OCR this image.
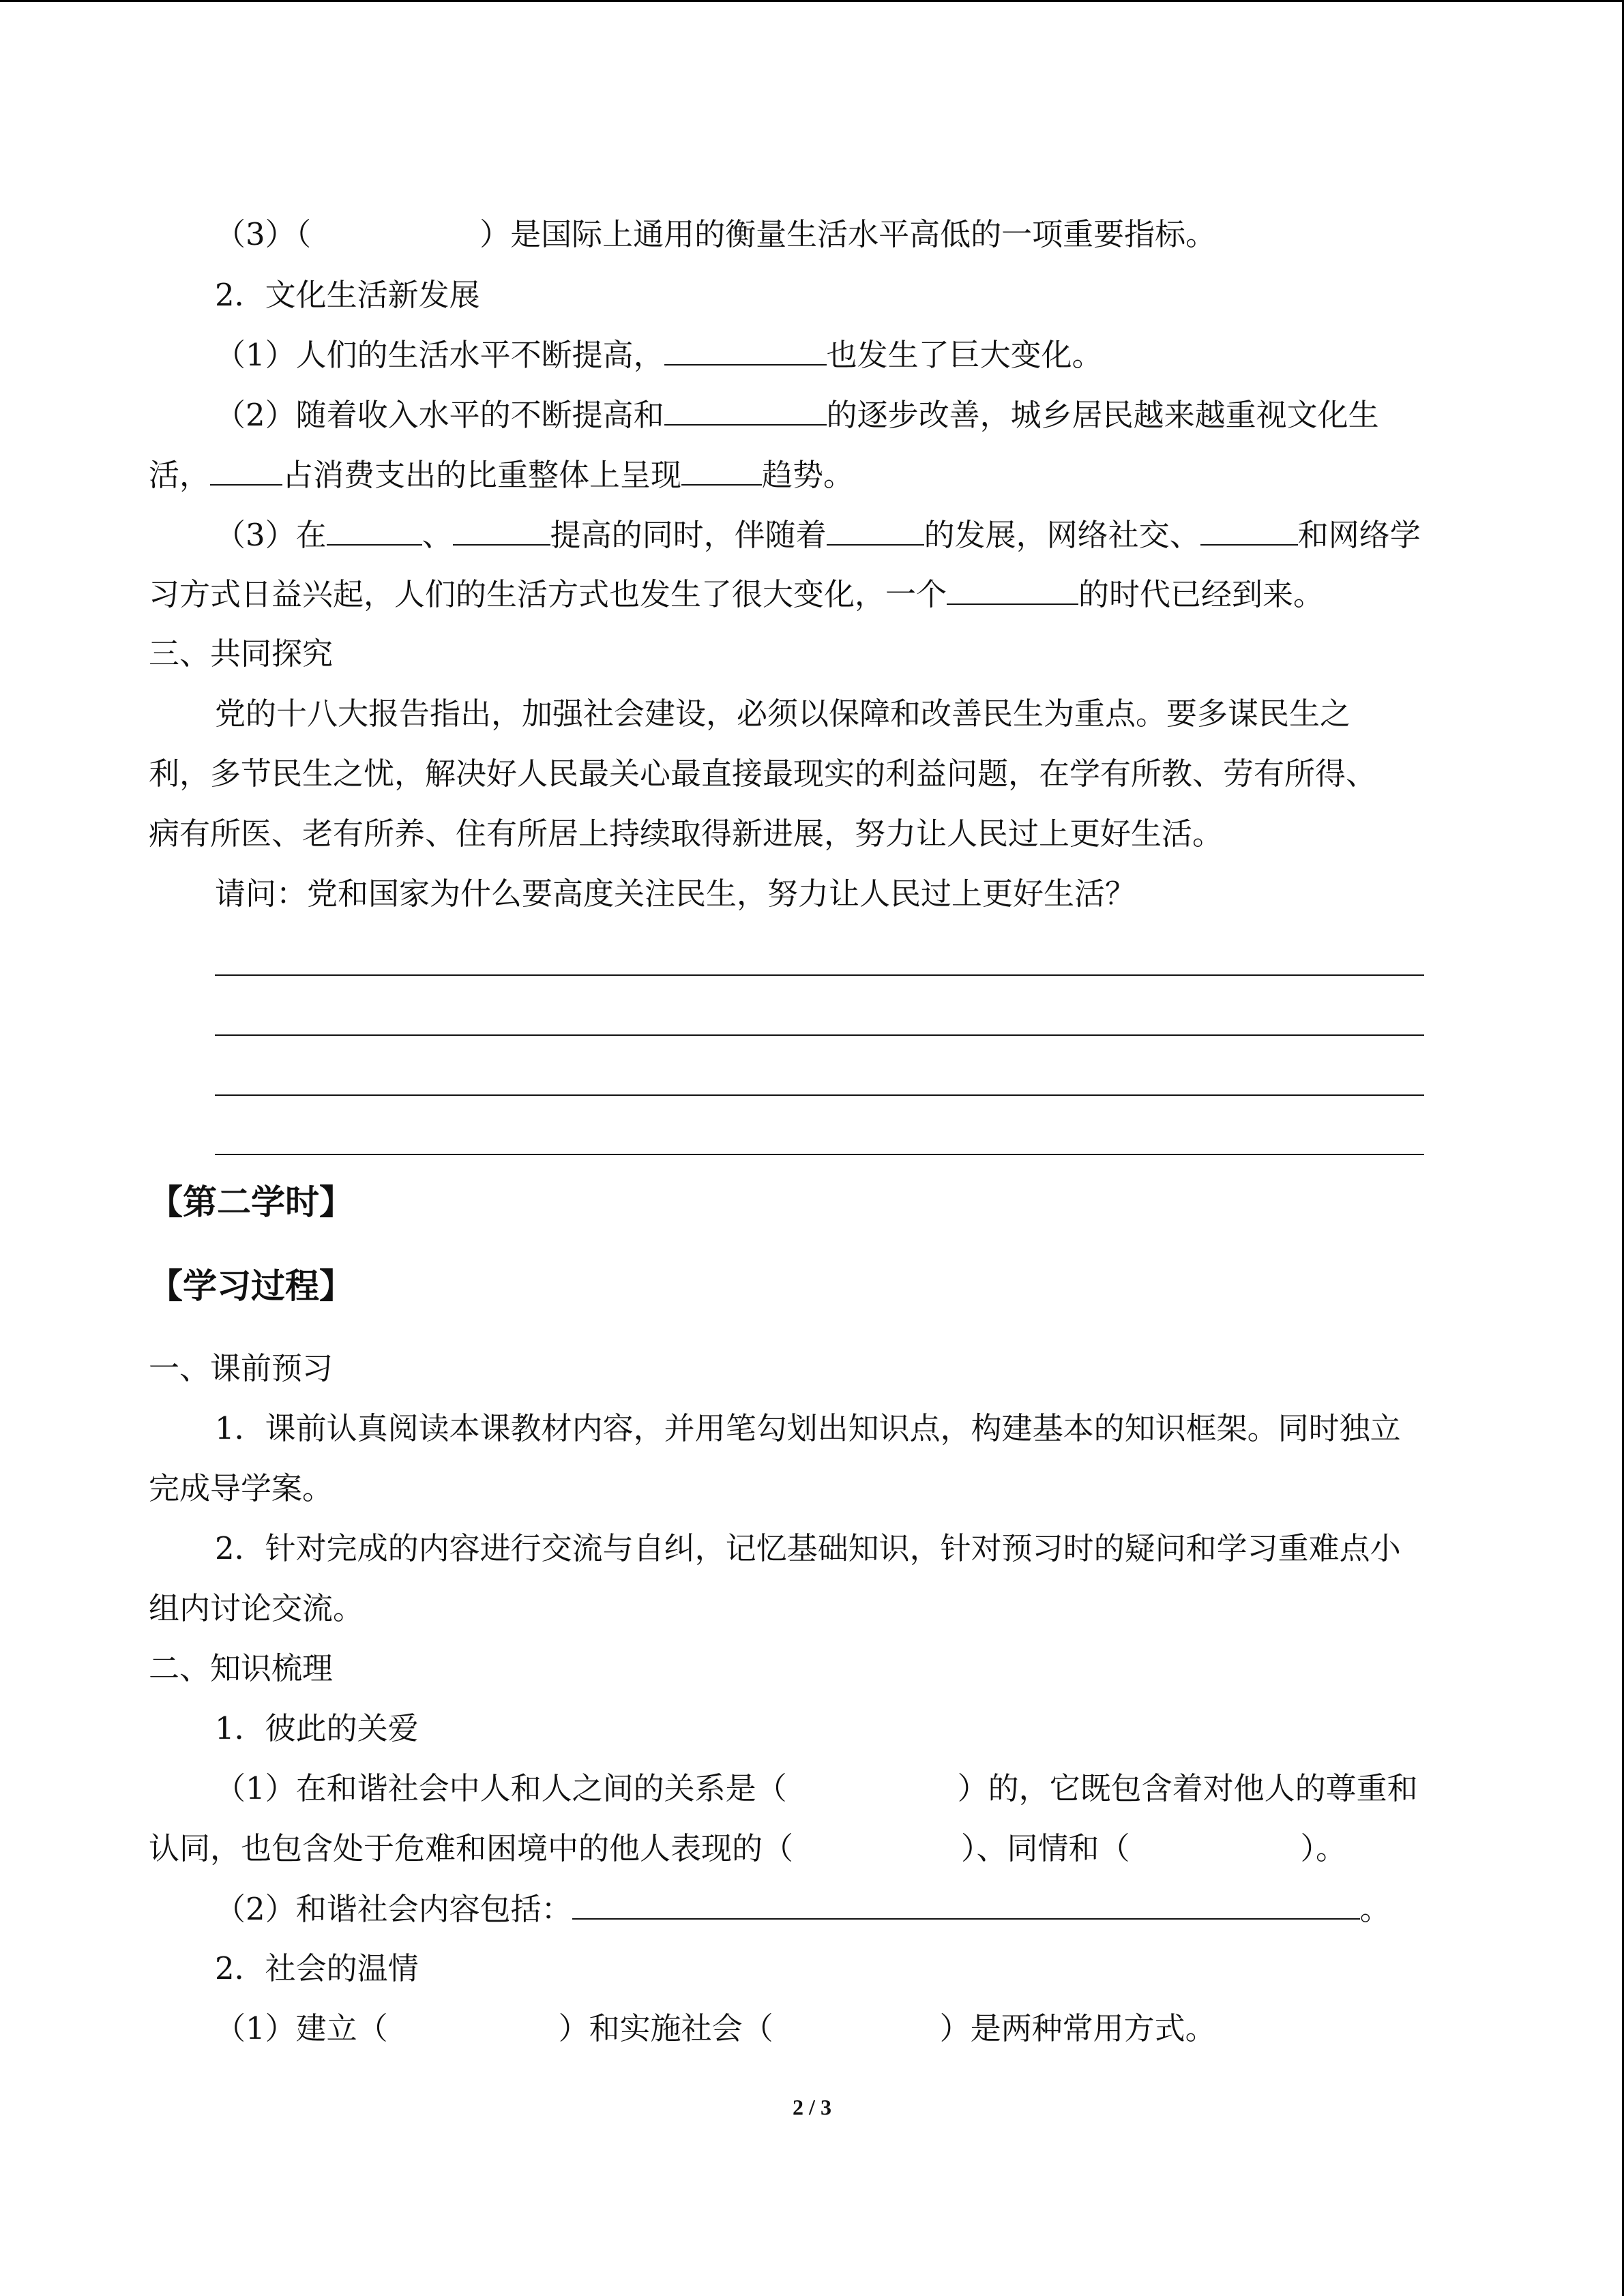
（3）（	）是国际上通用的衡量生活水平高低的一项重要指标。
2．文化生活新发展
（1）人们的生活水平不断提高，	也发生了巨大变化。
（2）随着收入水平的不断提高和	的逐步改善，城乡居民越来越重视文化生
活， 占消费支出的比重整体上呈现	趋势。
（3）在	、	提高的同时，伴随着	的发展，网络社交、	和网络学
习方式日益兴起，人们的生活方式也发生了很大变化，一个	的时代已经到来。
三、共同探究
党的十八大报告指出，加强社会建设，必须以保障和改善民生为重点。要多谋民生之
利，多节民生之忧，解决好人民最关心最直接最现实的利益问题，在学有所教、劳有所得、
病有所医、老有所养、住有所居上持续取得新进展，努力让人民过上更好生活。
请问：党和国家为什么要高度关注民生，努力让人民过上更好生活？
【第二学时】
【学习过程】
一、课前预习
1．课前认真阅读本课教材内容，并用笔勾划出知识点，构建基本的知识框架。同时独立
完成导学案。
2．针对完成的内容进行交流与自纠，记忆基础知识，针对预习时的疑问和学习重难点小
组内讨论交流。
二、知识梳理
1．彼此的关爱
（1）在和谐社会中人和人之间的关系是（	）的，它既包含着对他人的尊重和
认同，也包含处于危难和困境中的他人表现的（	）、同情和（	）。
（2）和谐社会内容包括：	。
2．社会的温情
（1）建立（	）和实施社会（	）是两种常用方式。
2 / 3
